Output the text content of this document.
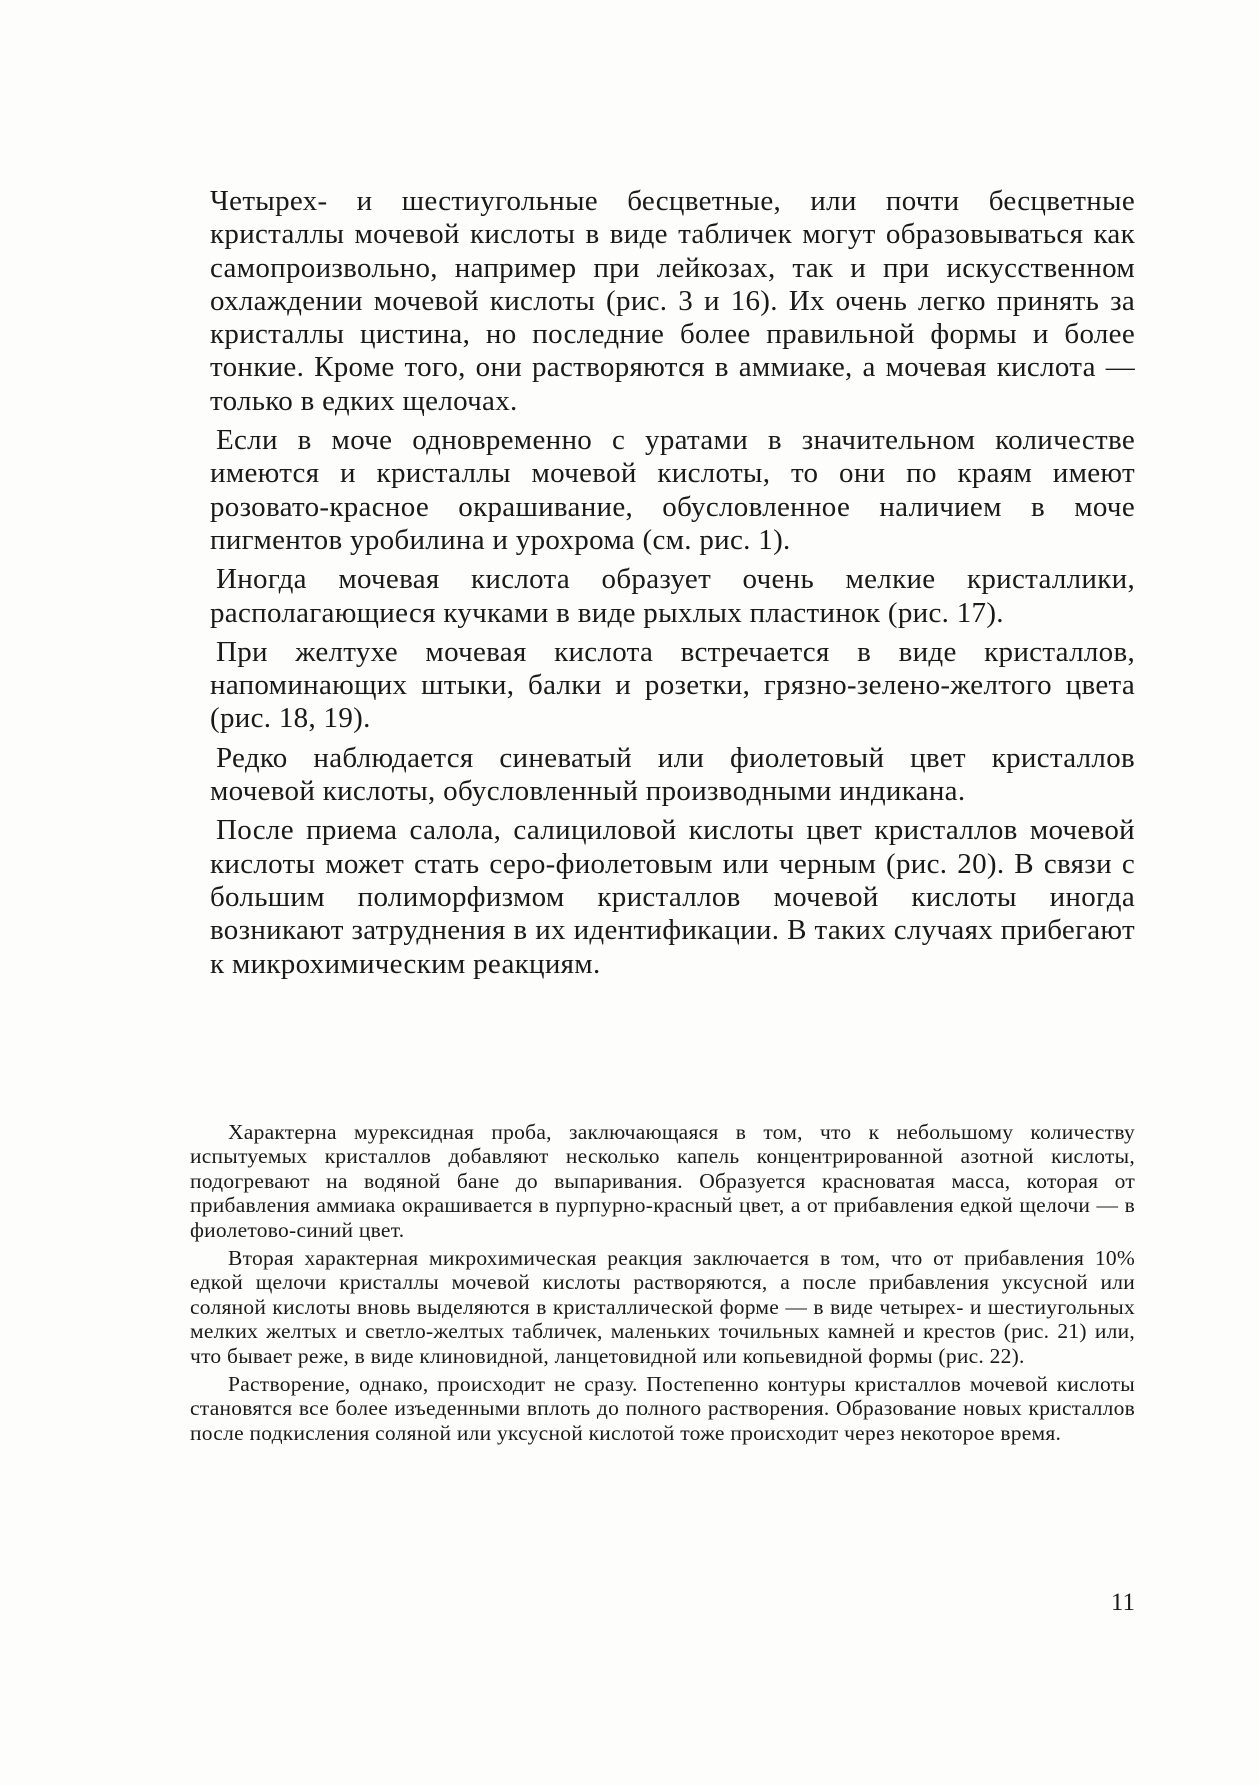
Четырех- и шестиугольные бесцветные, или почти бесцветные кристаллы мочевой кислоты в виде табличек могут образовываться как самопроизвольно, например при лейкозах, так и при искусственном охлаждении мочевой кислоты (рис. 3 и 16). Их очень легко принять за кристаллы цистина, но последние более правильной формы и более тонкие. Кроме того, они растворяются в аммиаке, а мочевая кислота — только в едких щелочах.

Если в моче одновременно с уратами в значительном количестве имеются и кристаллы мочевой кислоты, то они по краям имеют розовато-красное окрашивание, обусловленное наличием в моче пигментов уробилина и урохрома (см. рис. 1).

Иногда мочевая кислота образует очень мелкие кристаллики, располагающиеся кучками в виде рыхлых пластинок (рис. 17).

При желтухе мочевая кислота встречается в виде кристаллов, напоминающих штыки, балки и розетки, грязно-зелено-желтого цвета (рис. 18, 19).

Редко наблюдается синеватый или фиолетовый цвет кристаллов мочевой кислоты, обусловленный производными индикана.

После приема салола, салициловой кислоты цвет кристаллов мочевой кислоты может стать серо-фиолетовым или черным (рис. 20). В связи с большим полиморфизмом кристаллов мочевой кислоты иногда возникают затруднения в их идентификации. В таких случаях прибегают к микрохимическим реакциям.

Характерна мурексидная проба, заключающаяся в том, что к небольшому количеству испытуемых кристаллов добавляют несколько капель концентрированной азотной кислоты, подогревают на водяной бане до выпаривания. Образуется красноватая масса, которая от прибавления аммиака окрашивается в пурпурно-красный цвет, а от прибавления едкой щелочи — в фиолетово-синий цвет.

Вторая характерная микрохимическая реакция заключается в том, что от прибавления 10% едкой щелочи кристаллы мочевой кислоты растворяются, а после прибавления уксусной или соляной кислоты вновь выделяются в кристаллической форме — в виде четырех- и шестиугольных мелких желтых и светло-желтых табличек, маленьких точильных камней и крестов (рис. 21) или, что бывает реже, в виде клиновидной, ланцетовидной или копьевидной формы (рис. 22).

Растворение, однако, происходит не сразу. Постепенно контуры кристаллов мочевой кислоты становятся все более изъеденными вплоть до полного растворения. Образование новых кристаллов после подкисления соляной или уксусной кислотой тоже происходит через некоторое время.

11
